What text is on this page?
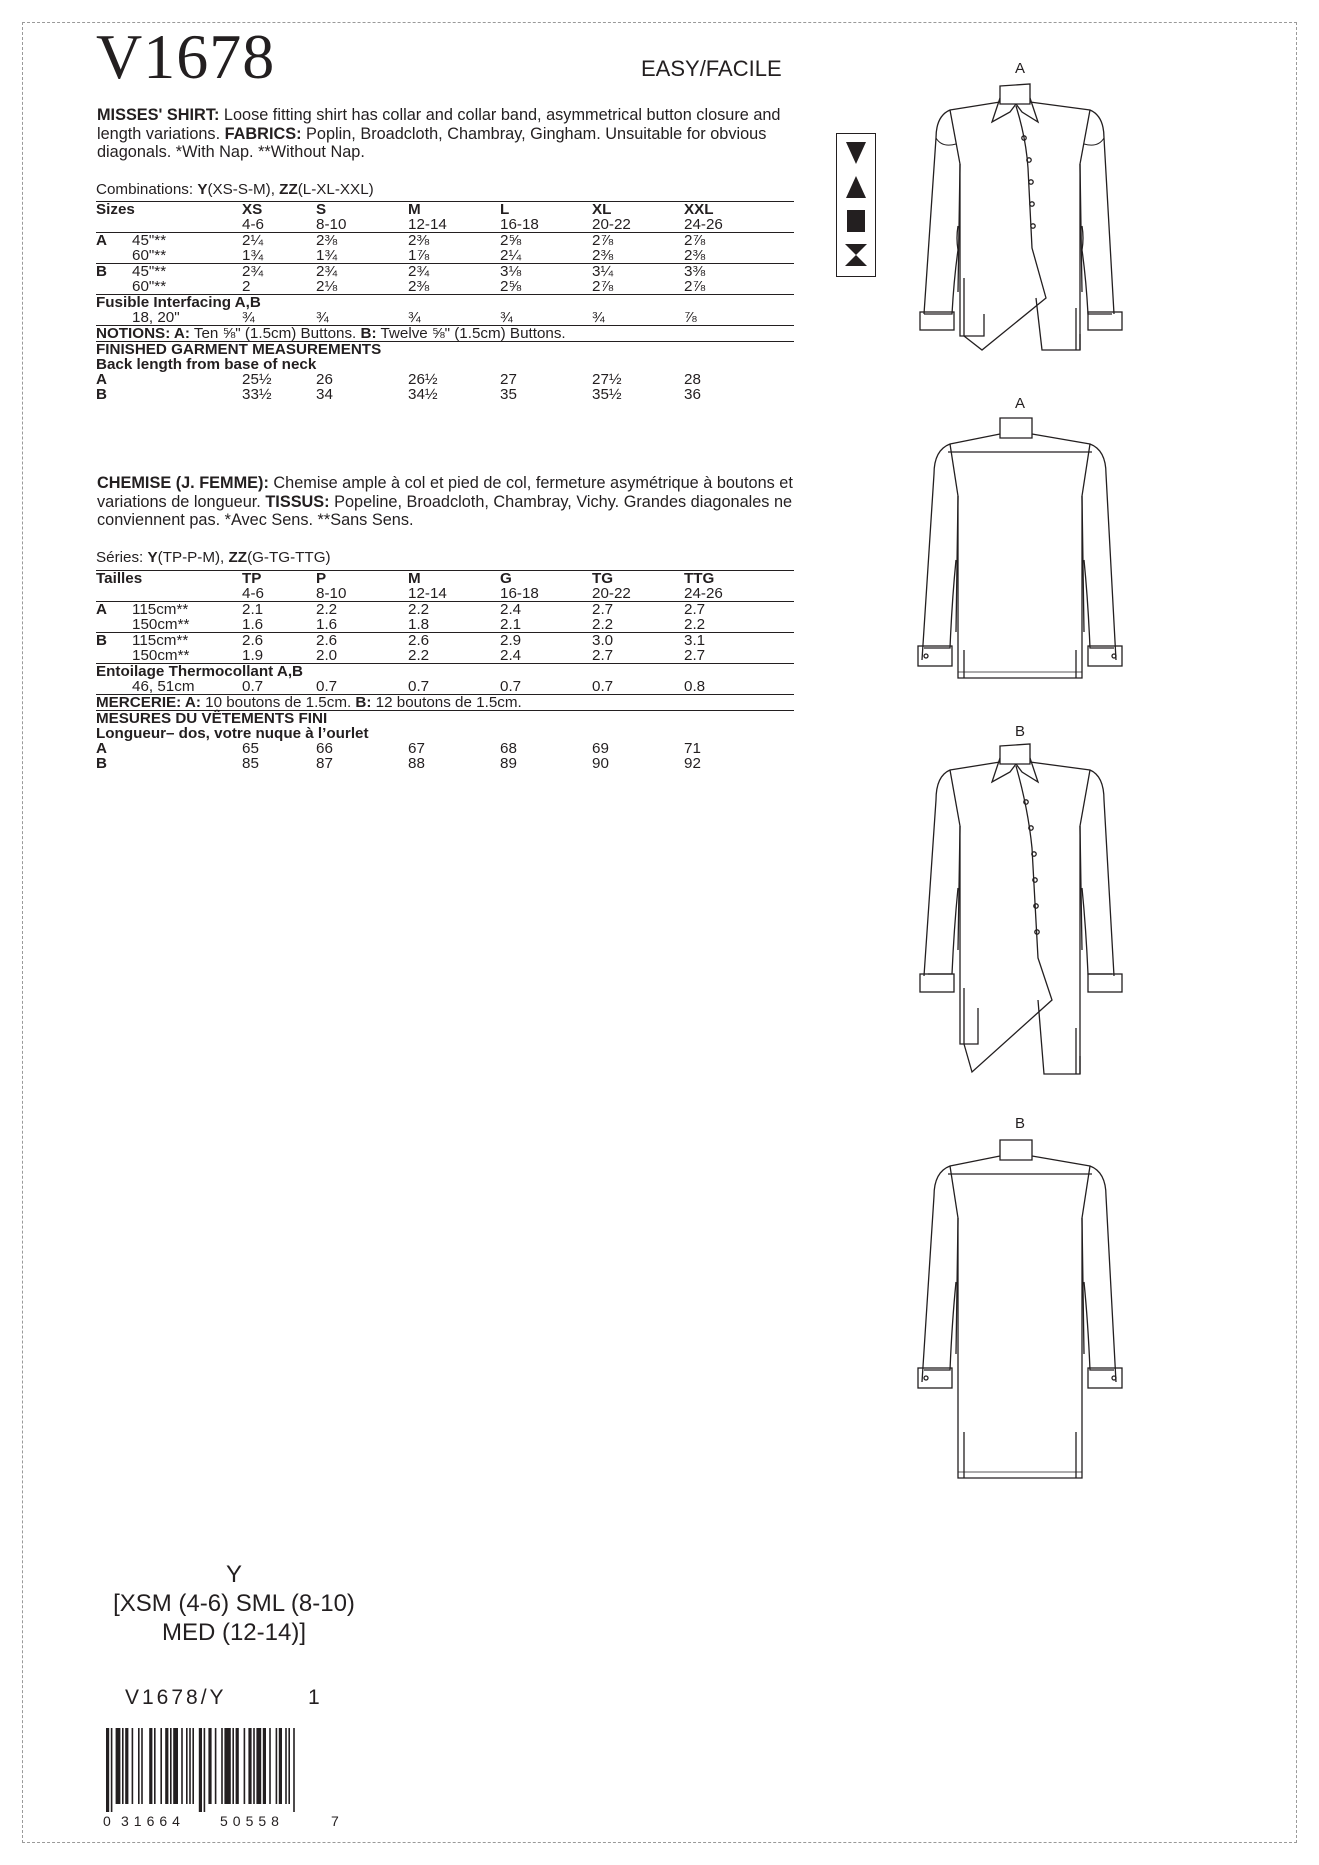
V1678	EASY/FACILE
MISSES' SHIRT: Loose fitting shirt has collar and collar band, asymmetrical button closure and length variations. FABRICS: Poplin, Broadcloth, Chambray, Gingham. Unsuitable for obvious diagonals. *With Nap. **Without Nap.
Combinations: Y(XS-S-M), ZZ(L-XL-XXL)
Sizes		XS	S	M	L	XL	XXL
		4-6	8-10	12-14	16-18	20-22	24-26
A	45"**	2¼	2⅜	2⅜	2⅝	2⅞	2⅞
	60"**	1¾	1¾	1⅞	2¼	2⅜	2⅜
B	45"**	2¾	2¾	2¾	3⅛	3¼	3⅜
	60"**	2	2⅛	2⅜	2⅝	2⅞	2⅞
Fusible Interfacing A,B							
	18, 20"	¾	¾	¾	¾	¾	⅞
NOTIONS: A: Ten ⅝" (1.5cm) Buttons. B: Twelve ⅝" (1.5cm) Buttons.							
FINISHED GARMENT MEASUREMENTS							
Back length from base of neck							
A		25½	26	26½	27	27½	28
B		33½	34	34½	35	35½	36
CHEMISE (J. FEMME): Chemise ample à col et pied de col, fermeture asymétrique à boutons et variations de longueur. TISSUS: Popeline, Broadcloth, Chambray, Vichy. Grandes diagonales ne conviennent pas. *Avec Sens. **Sans Sens.
Séries: Y(TP-P-M), ZZ(G-TG-TTG)
Tailles		TP	P	M	G	TG	TTG
		4-6	8-10	12-14	16-18	20-22	24-26
A	115cm**	2.1	2.2	2.2	2.4	2.7	2.7
	150cm**	1.6	1.6	1.8	2.1	2.2	2.2
B	115cm**	2.6	2.6	2.6	2.9	3.0	3.1
	150cm**	1.9	2.0	2.2	2.4	2.7	2.7
Entoilage Thermocollant A,B							
	46, 51cm	0.7	0.7	0.7	0.7	0.7	0.8
MERCERIE: A: 10 boutons de 1.5cm. B: 12 boutons de 1.5cm.							
MESURES DU VÊTEMENTS FINI							
Longueur– dos, votre nuque à l’ourlet							
A		65	66	67	68	69	71
B		85	87	88	89	90	92
A
A
B
B
Y
[XSM (4-6) SML (8-10)
MED (12-14)]
V1678/Y	1
0 31664	50558	7
